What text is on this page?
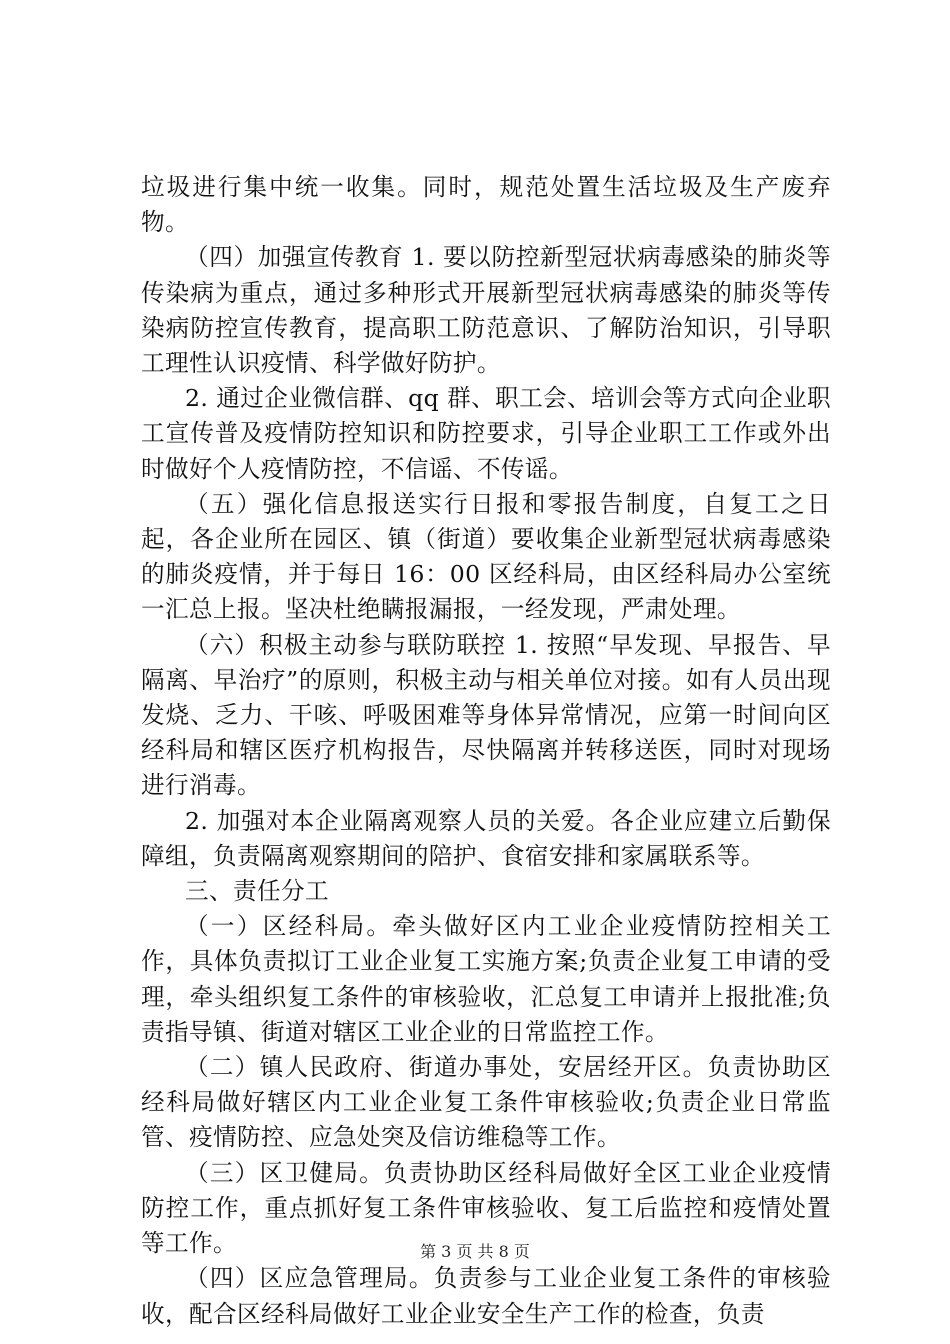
垃圾进行集中统一收集。同时，规范处置生活垃圾及生产废弃物。

（四）加强宣传教育 1. 要以防控新型冠状病毒感染的肺炎等传染病为重点，通过多种形式开展新型冠状病毒感染的肺炎等传染病防控宣传教育，提高职工防范意识、了解防治知识，引导职工理性认识疫情、科学做好防护。

2. 通过企业微信群、qq 群、职工会、培训会等方式向企业职工宣传普及疫情防控知识和防控要求，引导企业职工工作或外出时做好个人疫情防控，不信谣、不传谣。

（五）强化信息报送实行日报和零报告制度，自复工之日起，各企业所在园区、镇（街道）要收集企业新型冠状病毒感染的肺炎疫情，并于每日 16：00 区经科局，由区经科局办公室统一汇总上报。坚决杜绝瞒报漏报，一经发现，严肃处理。

（六）积极主动参与联防联控 1. 按照“早发现、早报告、早隔离、早治疗”的原则，积极主动与相关单位对接。如有人员出现发烧、乏力、干咳、呼吸困难等身体异常情况，应第一时间向区经科局和辖区医疗机构报告，尽快隔离并转移送医，同时对现场进行消毒。

2. 加强对本企业隔离观察人员的关爱。各企业应建立后勤保障组，负责隔离观察期间的陪护、食宿安排和家属联系等。

三、责任分工

（一）区经科局。牵头做好区内工业企业疫情防控相关工作，具体负责拟订工业企业复工实施方案;负责企业复工申请的受理，牵头组织复工条件的审核验收，汇总复工申请并上报批准;负责指导镇、街道对辖区工业企业的日常监控工作。

（二）镇人民政府、街道办事处，安居经开区。负责协助区经科局做好辖区内工业企业复工条件审核验收;负责企业日常监管、疫情防控、应急处突及信访维稳等工作。

（三）区卫健局。负责协助区经科局做好全区工业企业疫情防控工作，重点抓好复工条件审核验收、复工后监控和疫情处置等工作。

（四）区应急管理局。负责参与工业企业复工条件的审核验收，配合区经科局做好工业企业安全生产工作的检查，负责

第 3 页 共 8 页
